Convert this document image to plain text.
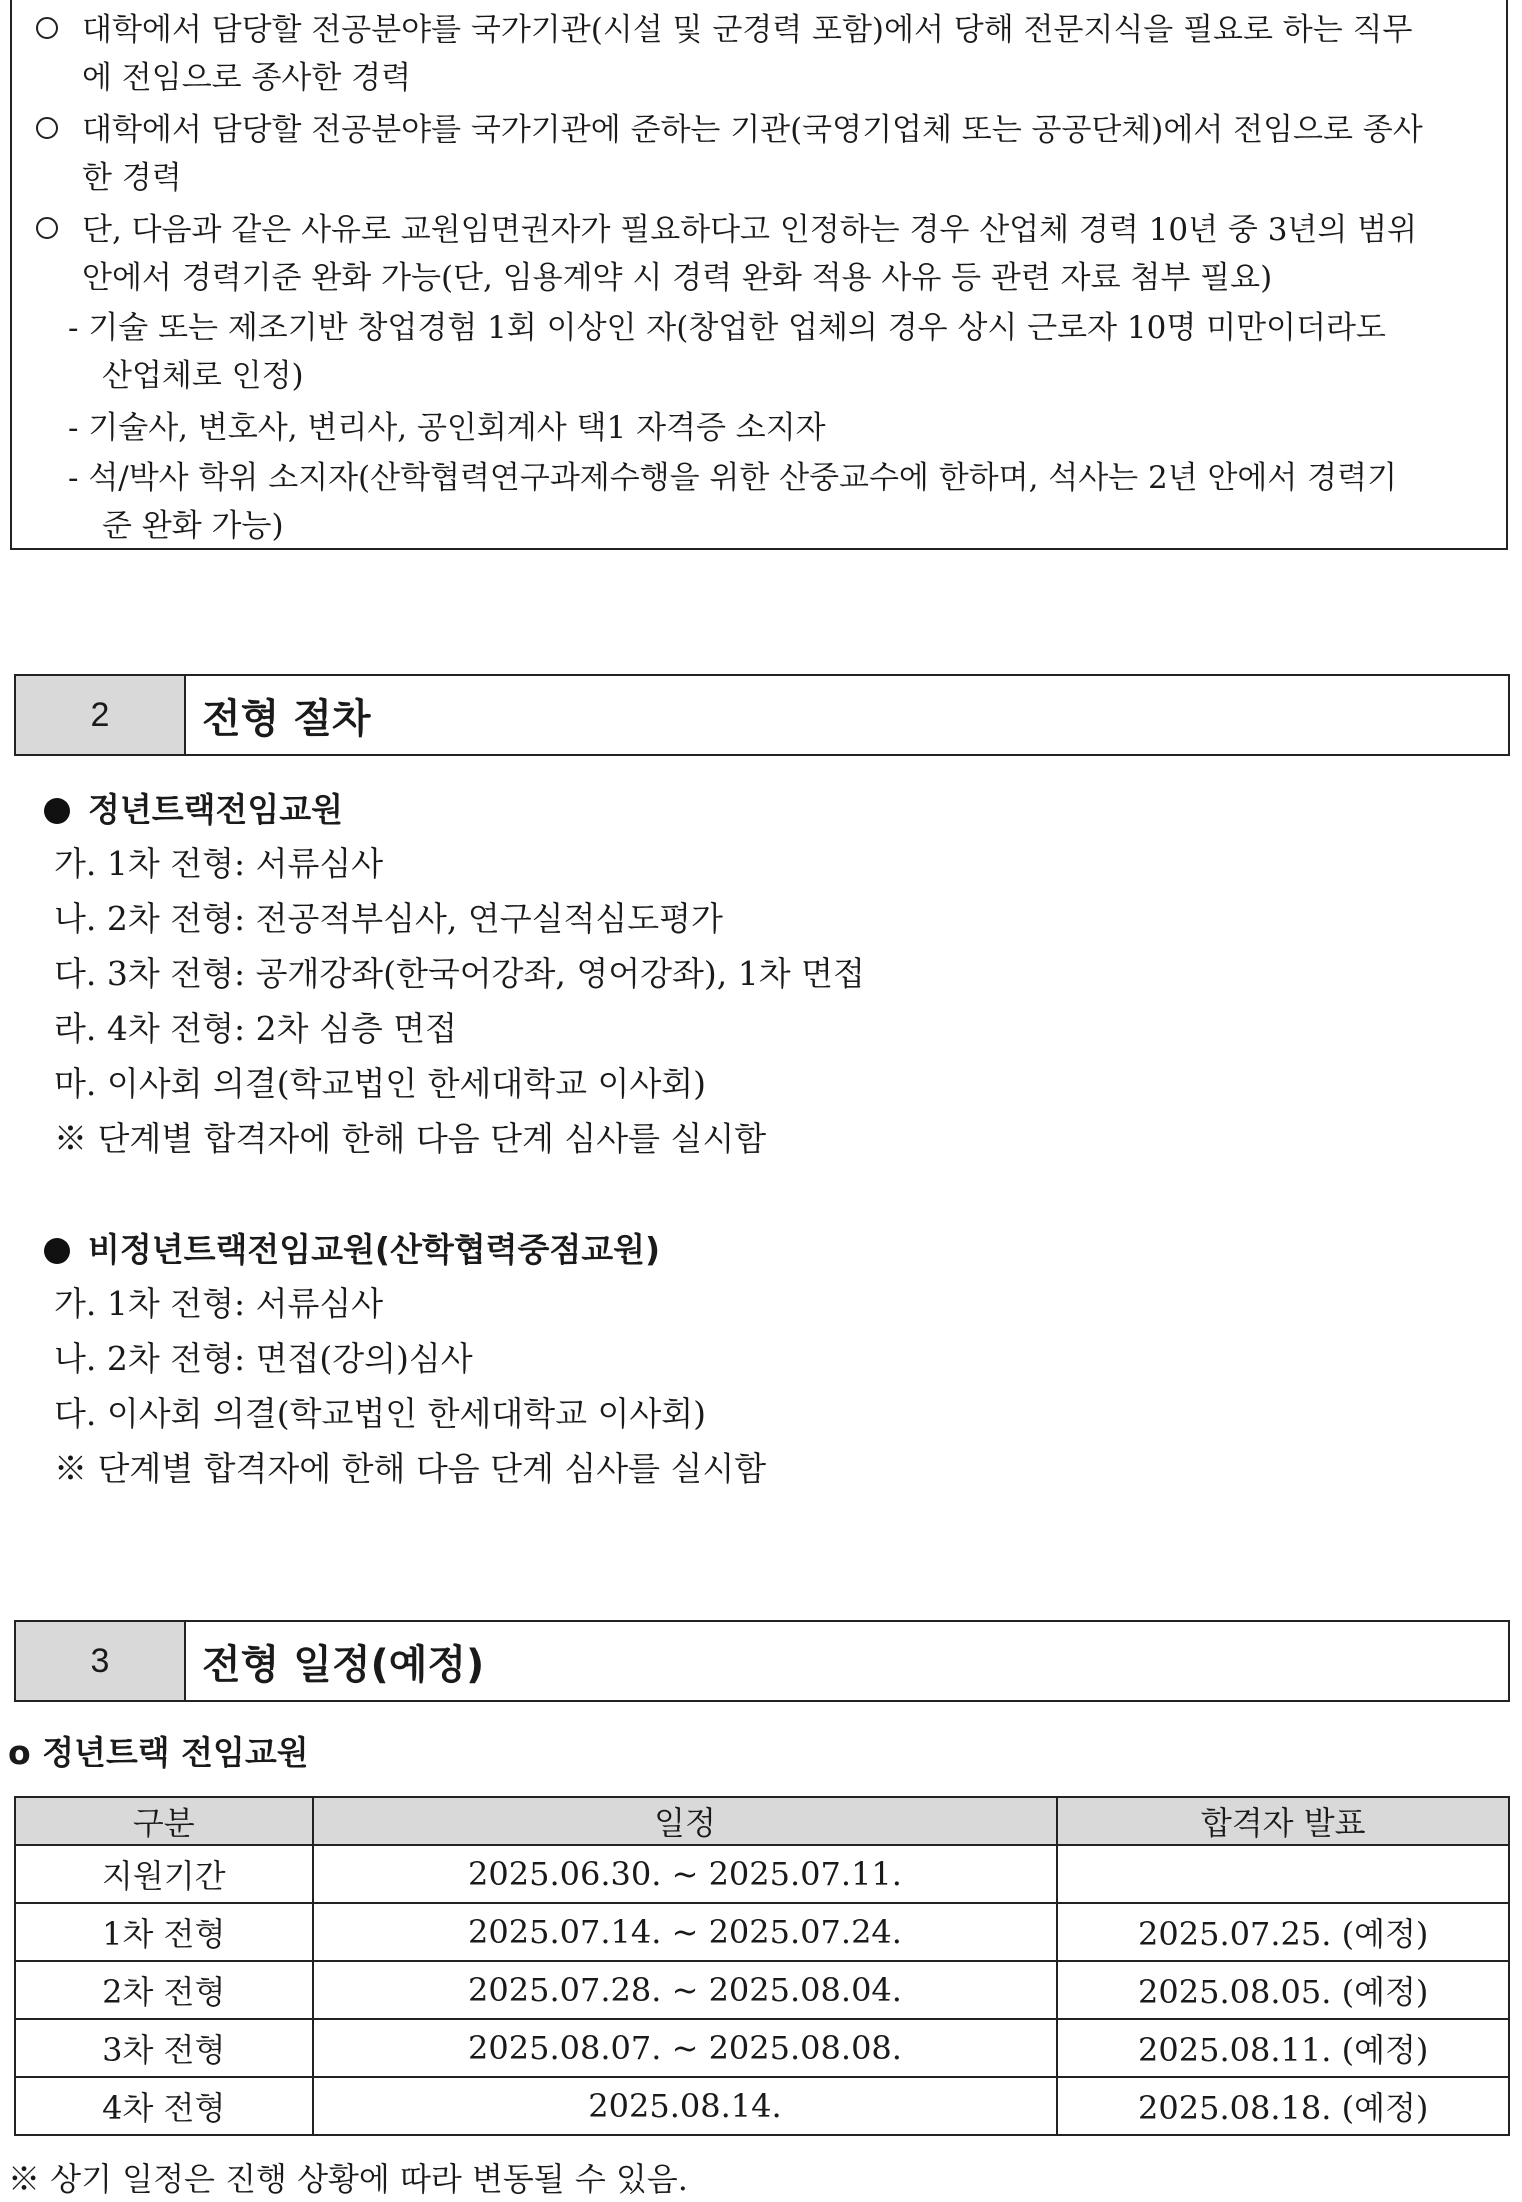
대학에서 담당할 전공분야를 국가기관(시설 및 군경력 포함)에서 당해 전문지식을 필요로 하는 직무
에 전임으로 종사한 경력
대학에서 담당할 전공분야를 국가기관에 준하는 기관(국영기업체 또는 공공단체)에서 전임으로 종사
한 경력
단, 다음과 같은 사유로 교원임면권자가 필요하다고 인정하는 경우 산업체 경력 10년 중 3년의 범위
안에서 경력기준 완화 가능(단, 임용계약 시 경력 완화 적용 사유 등 관련 자료 첨부 필요)
- 기술 또는 제조기반 창업경험 1회 이상인 자(창업한 업체의 경우 상시 근로자 10명 미만이더라도
산업체로 인정)
- 기술사, 변호사, 변리사, 공인회계사 택1 자격증 소지자
- 석/박사 학위 소지자(산학협력연구과제수행을 위한 산중교수에 한하며, 석사는 2년 안에서 경력기
준 완화 가능)
2	전형 절차
정년트랙전임교원
가. 1차 전형: 서류심사
나. 2차 전형: 전공적부심사, 연구실적심도평가
다. 3차 전형: 공개강좌(한국어강좌, 영어강좌), 1차 면접
라. 4차 전형: 2차 심층 면접
마. 이사회 의결(학교법인 한세대학교 이사회)
※ 단계별 합격자에 한해 다음 단계 심사를 실시함
비정년트랙전임교원(산학협력중점교원)
가. 1차 전형: 서류심사
나. 2차 전형: 면접(강의)심사
다. 이사회 의결(학교법인 한세대학교 이사회)
※ 단계별 합격자에 한해 다음 단계 심사를 실시함
3	전형 일정(예정)
o 정년트랙 전임교원
구분	일정	합격자 발표
지원기간	2025.06.30. ~ 2025.07.11.	
1차 전형	2025.07.14. ~ 2025.07.24.	2025.07.25. (예정)
2차 전형	2025.07.28. ~ 2025.08.04.	2025.08.05. (예정)
3차 전형	2025.08.07. ~ 2025.08.08.	2025.08.11. (예정)
4차 전형	2025.08.14.	2025.08.18. (예정)
※ 상기 일정은 진행 상황에 따라 변동될 수 있음.
